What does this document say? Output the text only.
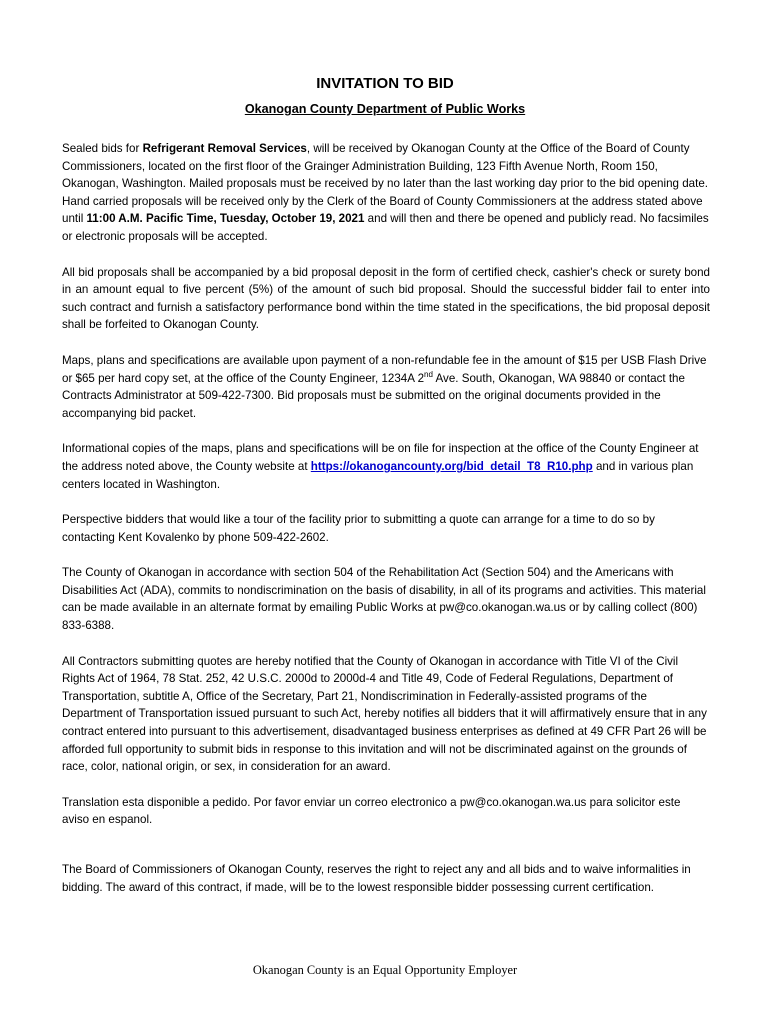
INVITATION TO BID
Okanogan County Department of Public Works

Sealed bids for Refrigerant Removal Services, will be received by Okanogan County at the Office of the Board of County Commissioners, located on the first floor of the Grainger Administration Building, 123 Fifth Avenue North, Room 150, Okanogan, Washington. Mailed proposals must be received by no later than the last working day prior to the bid opening date. Hand carried proposals will be received only by the Clerk of the Board of County Commissioners at the address stated above until 11:00 A.M. Pacific Time, Tuesday, October 19, 2021 and will then and there be opened and publicly read. No facsimiles or electronic proposals will be accepted.

All bid proposals shall be accompanied by a bid proposal deposit in the form of certified check, cashier's check or surety bond in an amount equal to five percent (5%) of the amount of such bid proposal. Should the successful bidder fail to enter into such contract and furnish a satisfactory performance bond within the time stated in the specifications, the bid proposal deposit shall be forfeited to Okanogan County.

Maps, plans and specifications are available upon payment of a non-refundable fee in the amount of $15 per USB Flash Drive or $65 per hard copy set, at the office of the County Engineer, 1234A 2nd Ave. South, Okanogan, WA 98840 or contact the Contracts Administrator at 509-422-7300. Bid proposals must be submitted on the original documents provided in the accompanying bid packet.

Informational copies of the maps, plans and specifications will be on file for inspection at the office of the County Engineer at the address noted above, the County website at https://okanogancounty.org/bid_detail_T8_R10.php and in various plan centers located in Washington.

Perspective bidders that would like a tour of the facility prior to submitting a quote can arrange for a time to do so by contacting Kent Kovalenko by phone 509-422-2602.

The County of Okanogan in accordance with section 504 of the Rehabilitation Act (Section 504) and the Americans with Disabilities Act (ADA), commits to nondiscrimination on the basis of disability, in all of its programs and activities. This material can be made available in an alternate format by emailing Public Works at pw@co.okanogan.wa.us or by calling collect (800) 833-6388.

All Contractors submitting quotes are hereby notified that the County of Okanogan in accordance with Title VI of the Civil Rights Act of 1964, 78 Stat. 252, 42 U.S.C. 2000d to 2000d-4 and Title 49, Code of Federal Regulations, Department of Transportation, subtitle A, Office of the Secretary, Part 21, Nondiscrimination in Federally-assisted programs of the Department of Transportation issued pursuant to such Act, hereby notifies all bidders that it will affirmatively ensure that in any contract entered into pursuant to this advertisement, disadvantaged business enterprises as defined at 49 CFR Part 26 will be afforded full opportunity to submit bids in response to this invitation and will not be discriminated against on the grounds of race, color, national origin, or sex, in consideration for an award.

Translation esta disponible a pedido. Por favor enviar un correo electronico a pw@co.okanogan.wa.us para solicitor este aviso en espanol.

The Board of Commissioners of Okanogan County, reserves the right to reject any and all bids and to waive informalities in bidding. The award of this contract, if made, will be to the lowest responsible bidder possessing current certification.

Okanogan County is an Equal Opportunity Employer
